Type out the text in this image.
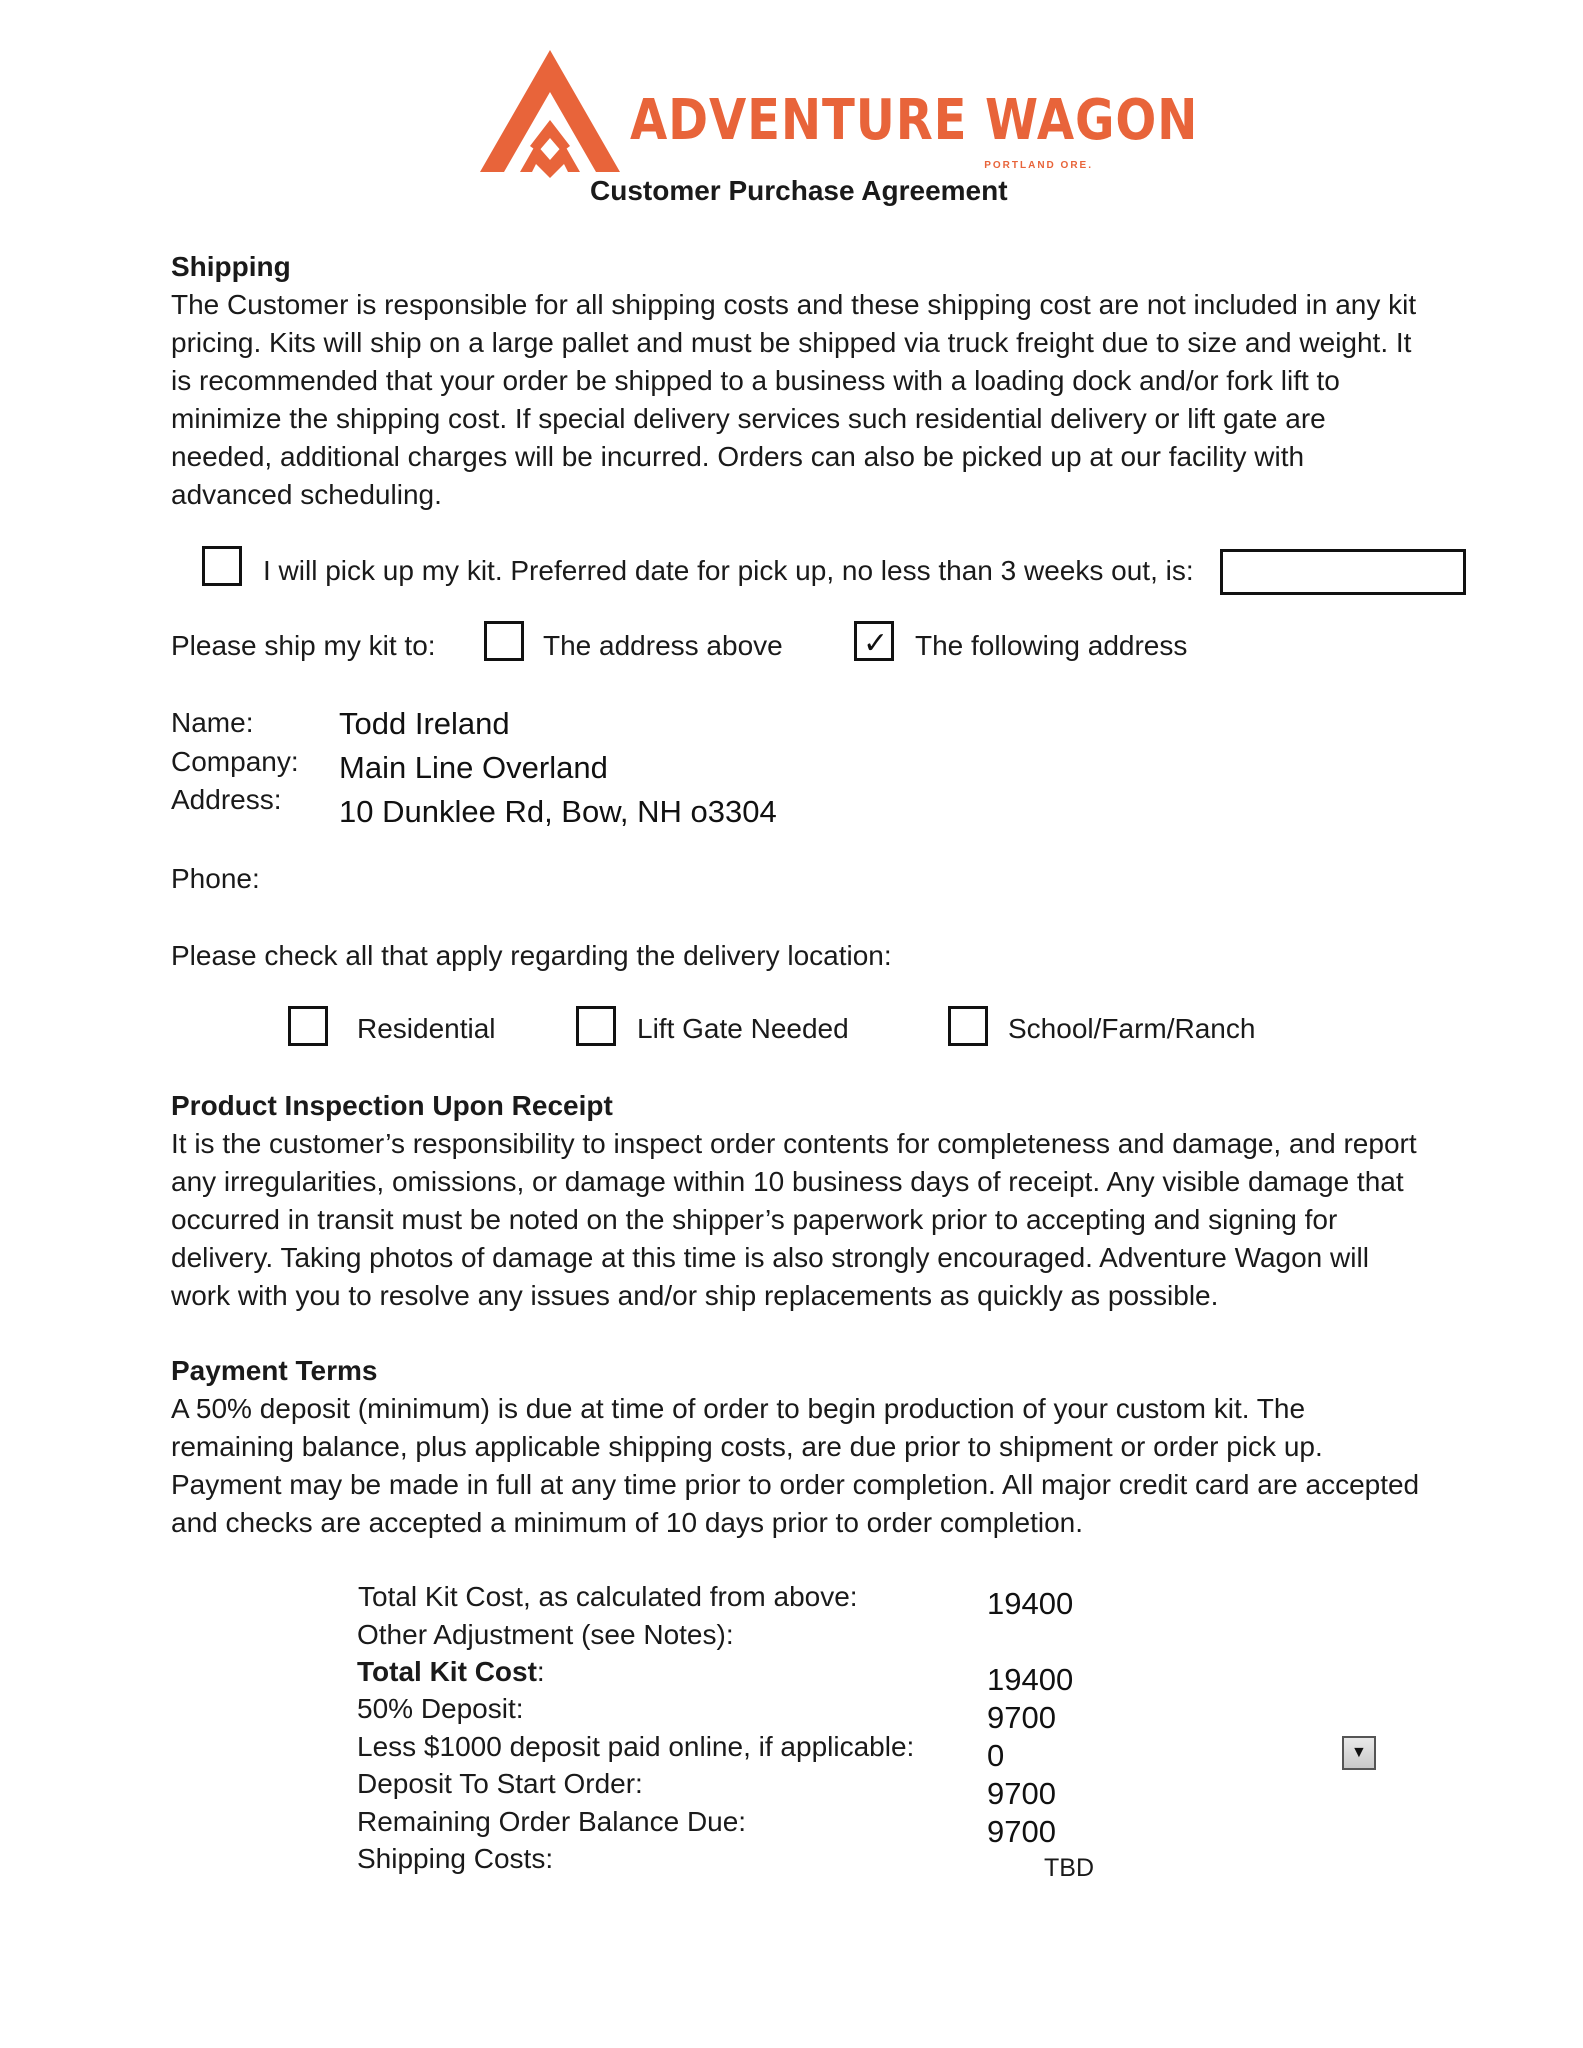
ADVENTURE WAGON
PORTLAND ORE.
Customer Purchase Agreement
Shipping
The Customer is responsible for all shipping costs and these shipping cost are not included in any kit pricing. Kits will ship on a large pallet and must be shipped via truck freight due to size and weight. It is recommended that your order be shipped to a business with a loading dock and/or fork lift to minimize the shipping cost. If special delivery services such residential delivery or lift gate are needed, additional charges will be incurred. Orders can also be picked up at our facility with advanced scheduling.
I will pick up my kit. Preferred date for pick up, no less than 3 weeks out, is:
Please ship my kit to:	The address above	✓ The following address
Name:	Todd Ireland
Company: Main Line Overland
Address: 10 Dunklee Rd, Bow, NH o3304
Phone:
Please check all that apply regarding the delivery location:
Residential	Lift Gate Needed	School/Farm/Ranch
Product Inspection Upon Receipt
It is the customer’s responsibility to inspect order contents for completeness and damage, and report any irregularities, omissions, or damage within 10 business days of receipt. Any visible damage that occurred in transit must be noted on the shipper’s paperwork prior to accepting and signing for delivery. Taking photos of damage at this time is also strongly encouraged. Adventure Wagon will work with you to resolve any issues and/or ship replacements as quickly as possible.
Payment Terms
A 50% deposit (minimum) is due at time of order to begin production of your custom kit. The remaining balance, plus applicable shipping costs, are due prior to shipment or order pick up. Payment may be made in full at any time prior to order completion. All major credit card are accepted and checks are accepted a minimum of 10 days prior to order completion.
Total Kit Cost, as calculated from above:	19400
Other Adjustment (see Notes):
Total Kit Cost:	19400
50% Deposit:	9700
Less $1000 deposit paid online, if applicable: 0	▼
Deposit To Start Order:	9700
Remaining Order Balance Due:	9700
Shipping Costs:	TBD
